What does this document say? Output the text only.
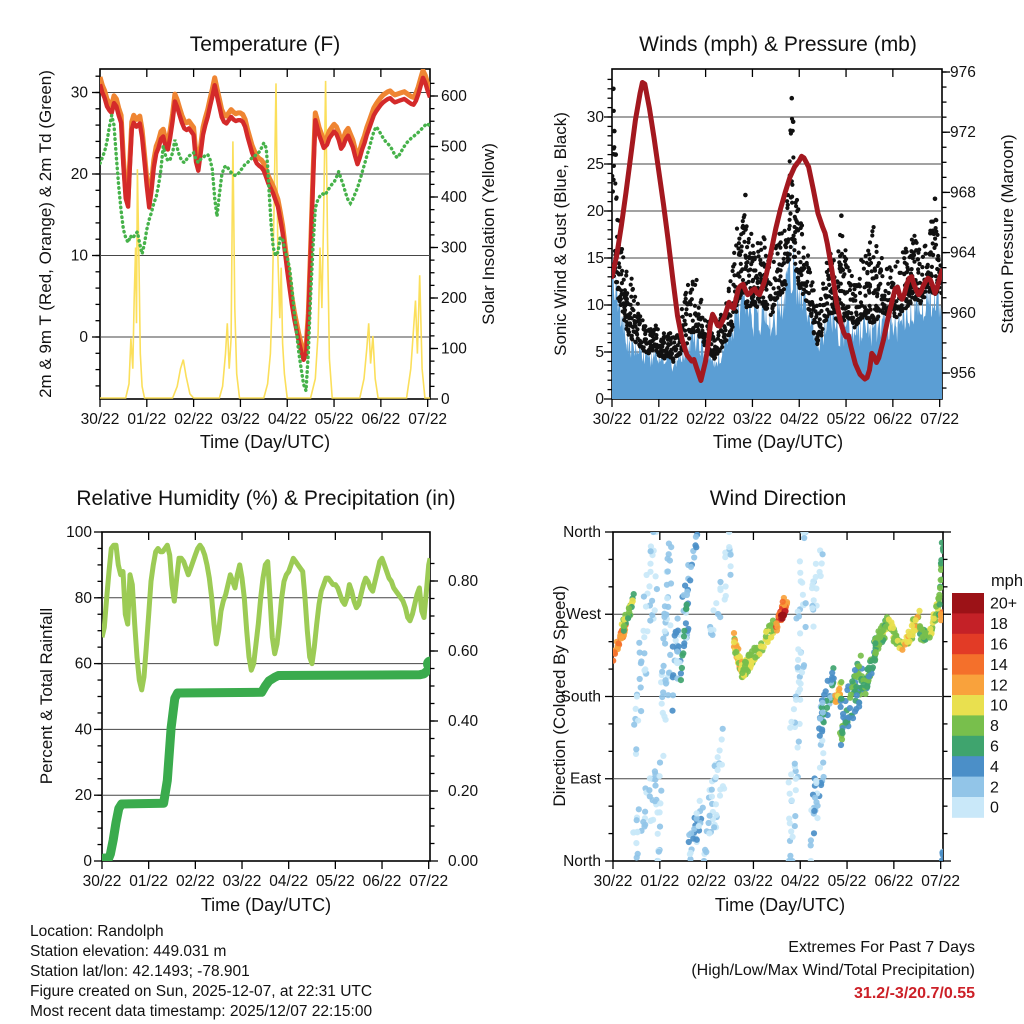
0
10
20
30
0
100
200
300
400
500
600
30/22 01/22 02/22 03/22 04/22 05/22 06/22 07/22
0
5
10
15
20
25
30
956
960
964
968
972
976
30/22 01/22 02/22 03/22 04/22 05/22 06/22 07/22
0
20
40
60
80
100
0.00
0.20
0.40
0.60
0.80
30/22 01/22 02/22 03/22 04/22 05/22 06/22 07/22
North
East
South
West
North
30/22 01/22 02/22 03/22 04/22 05/22 06/22 07/22
20+
18
16
14
12
10
8
6
4
2
0
mph
Temperature (F)	Winds (mph) & Pressure (mb)
Relative Humidity (%) & Precipitation (in)	Wind Direction
Time (Day/UTC)	Time (Day/UTC)
Time (Day/UTC)	Time (Day/UTC)
2m & 9m T (Red, Orange) & 2m Td (Green)	Solar Insolation (Yellow)	Sonic Wind & Gust (Blue, Black)	Station Pressure (Maroon)
Percent & Total Rainfall	Direction (Colored By Speed)
Location: Randolph
Station elevation: 449.031 m
Station lat/lon: 42.1493; -78.901
Figure created on Sun, 2025-12-07, at 22:31 UTC
Most recent data timestamp: 2025/12/07 22:15:00
Extremes For Past 7 Days
(High/Low/Max Wind/Total Precipitation)
31.2/-3/20.7/0.55
